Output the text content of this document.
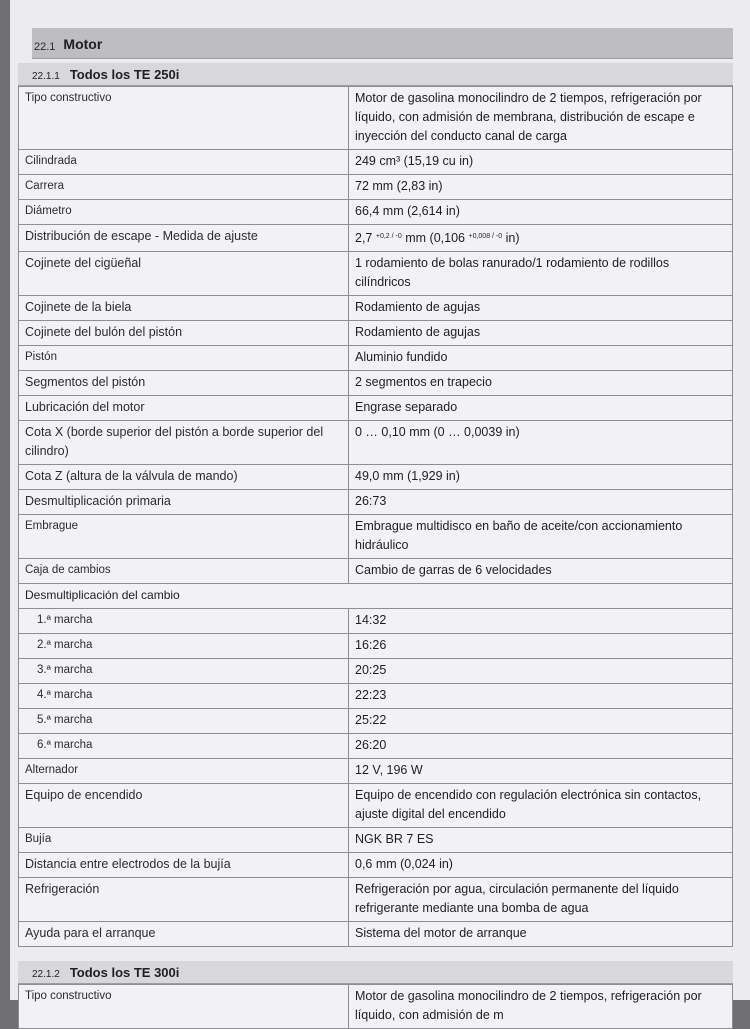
22.1 Motor
22.1.1 Todos los TE 250i
Tipo constructivo	Motor de gasolina monocilindro de 2 tiempos, refrigeración por líquido, con admisión de membrana, distribución de escape e inyección del conducto canal de carga
Cilindrada	249 cm³ (15,19 cu in)
Carrera	72 mm (2,83 in)
Diámetro	66,4 mm (2,614 in)
Distribución de escape - Medida de ajuste	2,7 $^{+0,2 / -0}$ mm (0,106 $^{+0,008 / -0}$ in)
Cojinete del cigüeñal	1 rodamiento de bolas ranurado/1 rodamiento de rodillos cilíndricos
Cojinete de la biela	Rodamiento de agujas
Cojinete del bulón del pistón	Rodamiento de agujas
Pistón	Aluminio fundido
Segmentos del pistón	2 segmentos en trapecio
Lubricación del motor	Engrase separado
Cota X (borde superior del pistón a borde superior del cilindro)	0 … 0,10 mm (0 … 0,0039 in)
Cota Z (altura de la válvula de mando)	49,0 mm (1,929 in)
Desmultiplicación primaria	26:73
Embrague	Embrague multidisco en baño de aceite/con accionamiento hidráulico
Caja de cambios	Cambio de garras de 6 velocidades
Desmultiplicación del cambio	
1.ª marcha	14:32
2.ª marcha	16:26
3.ª marcha	20:25
4.ª marcha	22:23
5.ª marcha	25:22
6.ª marcha	26:20
Alternador	12 V, 196 W
Equipo de encendido	Equipo de encendido con regulación electrónica sin contactos, ajuste digital del encendido
Bujía	NGK BR 7 ES
Distancia entre electrodos de la bujía	0,6 mm (0,024 in)
Refrigeración	Refrigeración por agua, circulación permanente del líquido refrigerante mediante una bomba de agua
Ayuda para el arranque	Sistema del motor de arranque
22.1.2 Todos los TE 300i
Tipo constructivo	Motor de gasolina monocilindro de 2 tiempos, refrigeración por líquido, con admisión de m
